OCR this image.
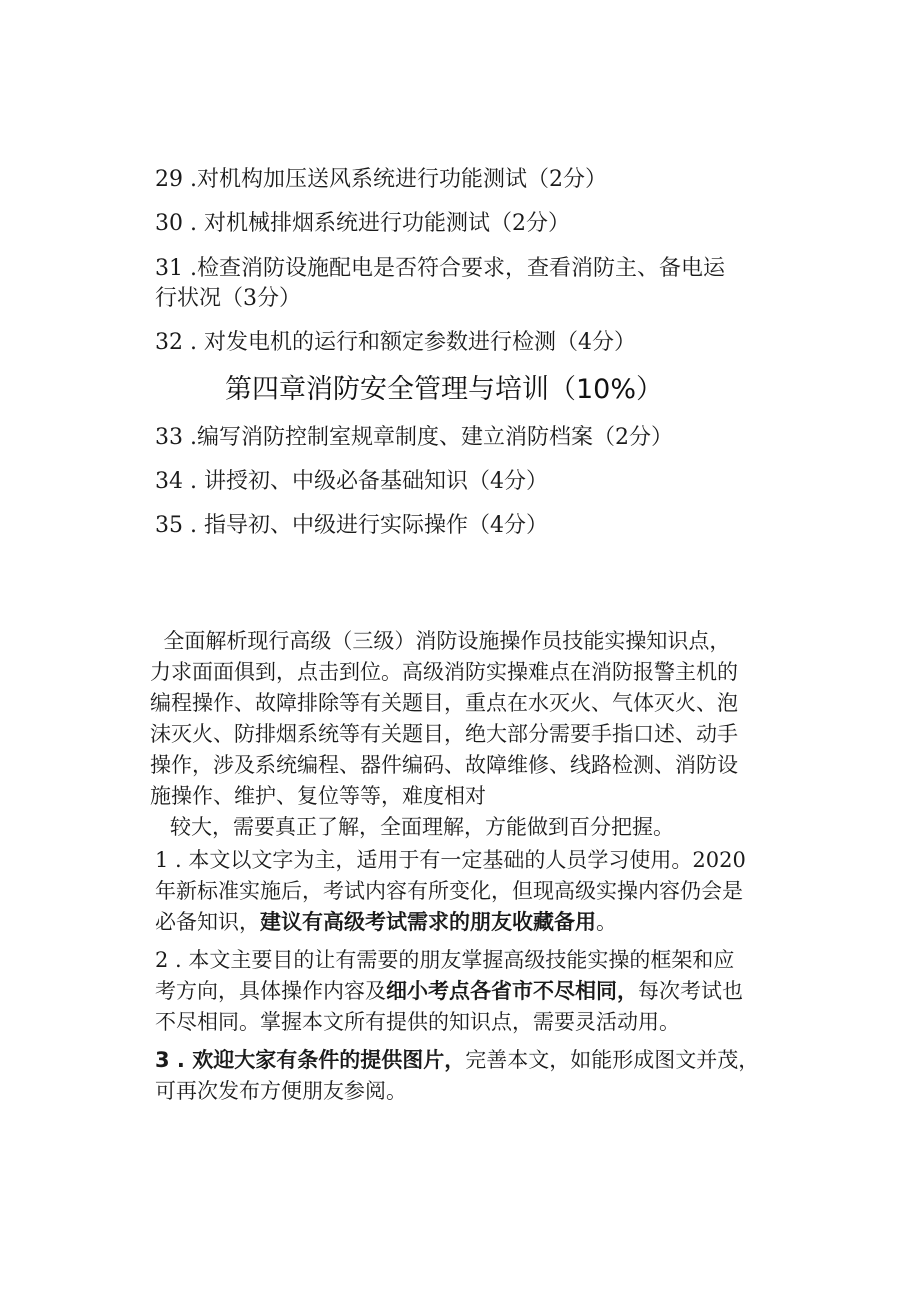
29 .对机构加压送风系统进行功能测试（2分）
30 . 对机械排烟系统进行功能测试（2分）
31 .检查消防设施配电是否符合要求，查看消防主、备电运
行状况（3分）
32 . 对发电机的运行和额定参数进行检测（4分）
第四章消防安全管理与培训（10%）
33 .编写消防控制室规章制度、建立消防档案（2分）
34 . 讲授初、中级必备基础知识（4分）
35 . 指导初、中级进行实际操作（4分）

全面解析现行高级（三级）消防设施操作员技能实操知识点，

力求面面俱到，点击到位。高级消防实操难点在消防报警主机的

编程操作、故障排除等有关题目，重点在水灭火、气体灭火、泡

沫灭火、防排烟系统等有关题目，绝大部分需要手指口述、动手

操作，涉及系统编程、器件编码、故障维修、线路检测、消防设

施操作、维护、复位等等，难度相对

较大，需要真正了解，全面理解，方能做到百分把握。

1 . 本文以文字为主，适用于有一定基础的人员学习使用。2020
年新标准实施后，考试内容有所变化，但现高级实操内容仍会是
必备知识，建议有高级考试需求的朋友收藏备用。
2 . 本文主要目的让有需要的朋友掌握高级技能实操的框架和应
考方向，具体操作内容及细小考点各省市不尽相同，每次考试也
不尽相同。掌握本文所有提供的知识点，需要灵活动用。
3 . 欢迎大家有条件的提供图片，完善本文，如能形成图文并茂，
可再次发布方便朋友参阅。
